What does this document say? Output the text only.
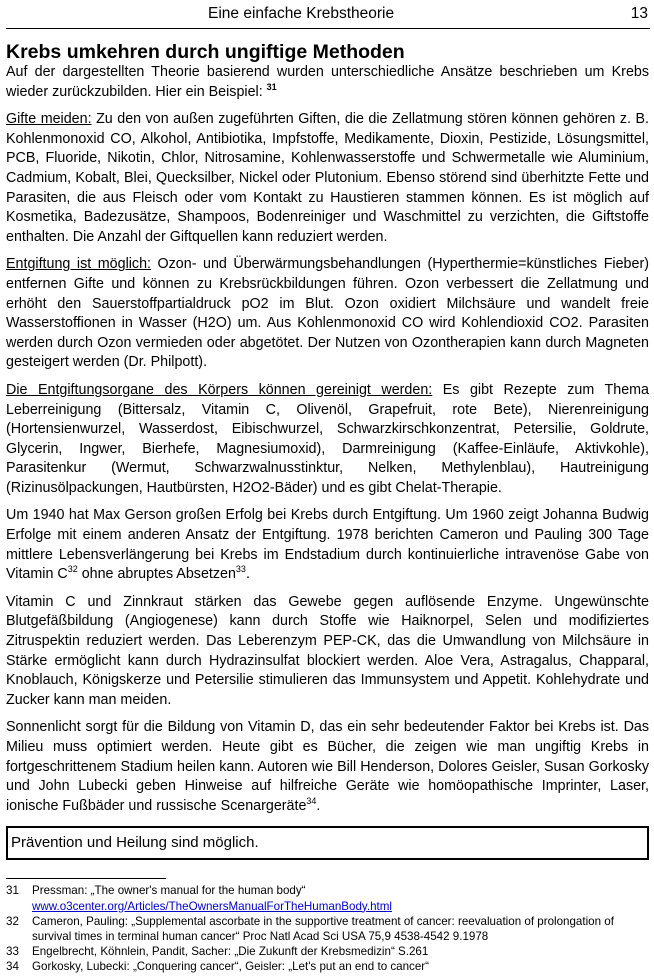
Eine einfache Krebstheorie	13
Krebs umkehren durch ungiftige Methoden

Auf der dargestellten Theorie basierend wurden unterschiedliche Ansätze beschrieben um Krebs wieder zurückzubilden. Hier ein Beispiel: $^{31}$

Gifte meiden: Zu den von außen zugeführten Giften, die die Zellatmung stören können gehören z. B. Kohlenmonoxid CO, Alkohol, Antibiotika, Impfstoffe, Medikamente, Dioxin, Pestizide, Lösungsmittel, PCB, Fluoride, Nikotin, Chlor, Nitrosamine, Kohlenwasserstoffe und Schwermetalle wie Aluminium, Cadmium, Kobalt, Blei, Quecksilber, Nickel oder Plutonium. Ebenso störend sind überhitzte Fette und Parasiten, die aus Fleisch oder vom Kontakt zu Haustieren stammen können. Es ist möglich auf Kosmetika, Badezusätze, Shampoos, Bodenreiniger und Waschmittel zu verzichten, die Giftstoffe enthalten. Die Anzahl der Giftquellen kann reduziert werden.

Entgiftung ist möglich: Ozon- und Überwärmungsbehandlungen (Hyperthermie=künstliches Fieber) entfernen Gifte und können zu Krebsrückbildungen führen. Ozon verbessert die Zellatmung und erhöht den Sauerstoffpartialdruck pO2 im Blut. Ozon oxidiert Milchsäure und wandelt freie Wasserstoffionen in Wasser (H2O) um. Aus Kohlenmonoxid CO wird Kohlendioxid CO2. Parasiten werden durch Ozon vermieden oder abgetötet. Der Nutzen von Ozontherapien kann durch Magneten gesteigert werden (Dr. Philpott).

Die Entgiftungsorgane des Körpers können gereinigt werden: Es gibt Rezepte zum Thema Leberreinigung (Bittersalz, Vitamin C, Olivenöl, Grapefruit, rote Bete), Nierenreinigung (Hortensienwurzel, Wasserdost, Eibischwurzel, Schwarzkirschkonzentrat, Petersilie, Goldrute, Glycerin, Ingwer, Bierhefe, Magnesiumoxid), Darmreinigung (Kaffee-Einläufe, Aktivkohle), Parasitenkur (Wermut, Schwarzwalnusstinktur, Nelken, Methylenblau), Hautreinigung (Rizinusölpackungen, Hautbürsten, H2O2-Bäder) und es gibt Chelat-Therapie.

Um 1940 hat Max Gerson großen Erfolg bei Krebs durch Entgiftung. Um 1960 zeigt Johanna Budwig Erfolge mit einem anderen Ansatz der Entgiftung. 1978 berichten Cameron und Pauling 300 Tage mittlere Lebensverlängerung bei Krebs im Endstadium durch kontinuierliche intravenöse Gabe von Vitamin $C^{32}$ ohne abruptes Absetzen$^{33}$.

Vitamin C und Zinnkraut stärken das Gewebe gegen auflösende Enzyme. Ungewünschte Blutgefäßbildung (Angiogenese) kann durch Stoffe wie Haiknorpel, Selen und modifiziertes Zitruspektin reduziert werden. Das Leberenzym PEP-CK, das die Umwandlung von Milchsäure in Stärke ermöglicht kann durch Hydrazinsulfat blockiert werden. Aloe Vera, Astragalus, Chapparal, Knoblauch, Königskerze und Petersilie stimulieren das Immunsystem und Appetit. Kohlehydrate und Zucker kann man meiden.

Sonnenlicht sorgt für die Bildung von Vitamin D, das ein sehr bedeutender Faktor bei Krebs ist. Das Milieu muss optimiert werden. Heute gibt es Bücher, die zeigen wie man ungiftig Krebs in fortgeschrittenem Stadium heilen kann. Autoren wie Bill Henderson, Dolores Geisler, Susan Gorkosky und John Lubecki geben Hinweise auf hilfreiche Geräte wie homöopathische Imprinter, Laser, ionische Fußbäder und russische Scenargeräte$^{34}$.

Prävention und Heilung sind möglich.
31	Pressman: „The owner's manual for the human body“
www.o3center.org/Articles/TheOwnersManualForTheHumanBody.html
32	Cameron, Pauling: „Supplemental ascorbate in the supportive treatment of cancer: reevaluation of prolongation of survival times in terminal human cancer“ Proc Natl Acad Sci USA 75,9 4538-4542 9.1978
33	Engelbrecht, Köhnlein, Pandit, Sacher: „Die Zukunft der Krebsmedizin“ S.261
34	Gorkosky, Lubecki: „Conquering cancer“, Geisler: „Let's put an end to cancer“
